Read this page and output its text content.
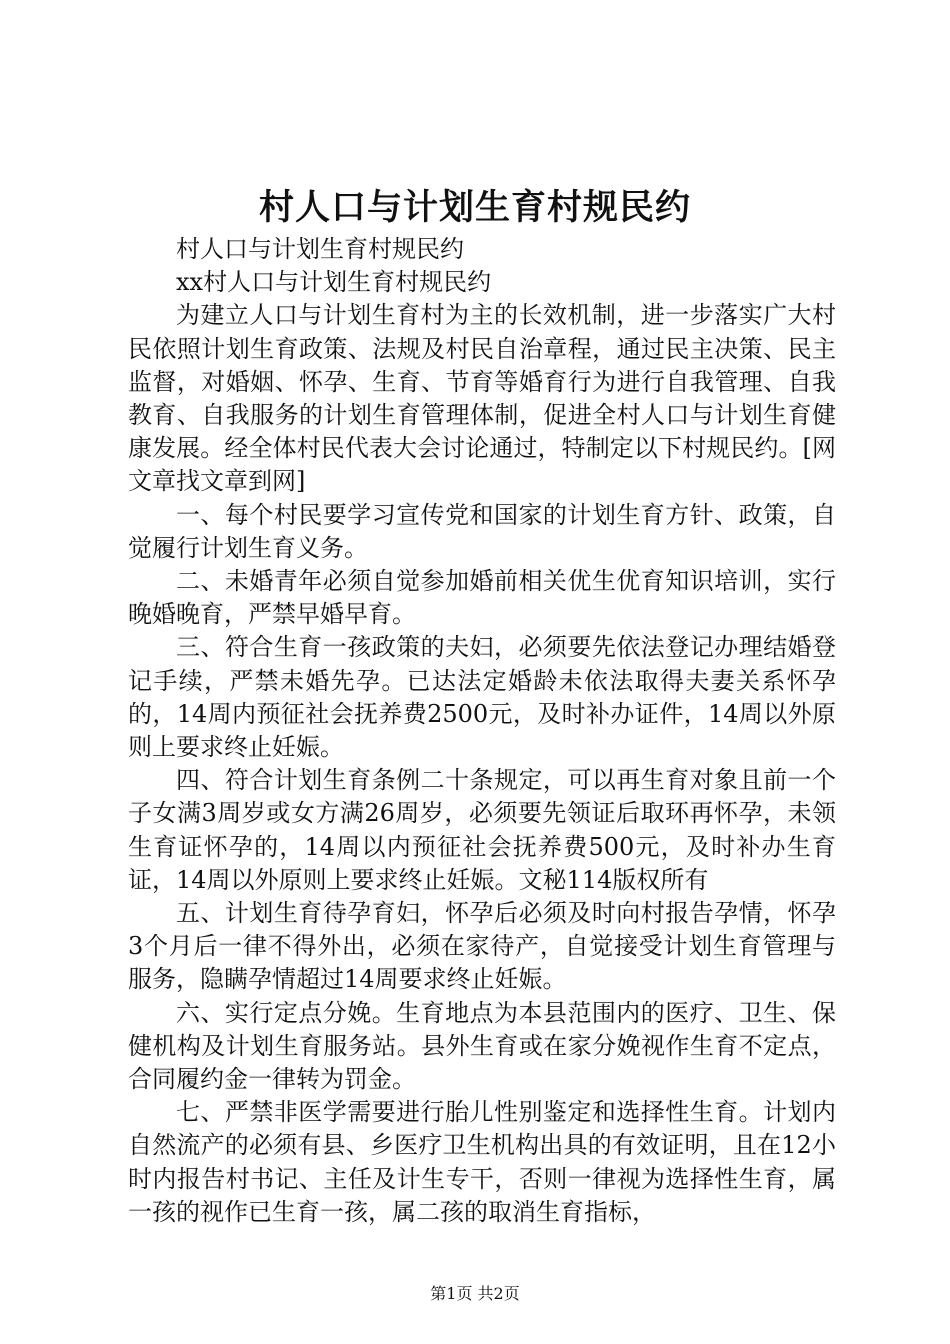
村人口与计划生育村规民约

村人口与计划生育村规民约

xx村人口与计划生育村规民约

为建立人口与计划生育村为主的长效机制，进一步落实广大村民依照计划生育政策、法规及村民自治章程，通过民主决策、民主监督，对婚姻、怀孕、生育、节育等婚育行为进行自我管理、自我教育、自我服务的计划生育管理体制，促进全村人口与计划生育健康发展。经全体村民代表大会讨论通过，特制定以下村规民约。[网文章找文章到网]

一、每个村民要学习宣传党和国家的计划生育方针、政策，自觉履行计划生育义务。

二、未婚青年必须自觉参加婚前相关优生优育知识培训，实行晚婚晚育，严禁早婚早育。

三、符合生育一孩政策的夫妇，必须要先依法登记办理结婚登记手续，严禁未婚先孕。已达法定婚龄未依法取得夫妻关系怀孕的，14周内预征社会抚养费2500元，及时补办证件，14周以外原则上要求终止妊娠。

四、符合计划生育条例二十条规定，可以再生育对象且前一个子女满3周岁或女方满26周岁，必须要先领证后取环再怀孕，未领生育证怀孕的，14周以内预征社会抚养费500元，及时补办生育证，14周以外原则上要求终止妊娠。文秘114版权所有

五、计划生育待孕育妇，怀孕后必须及时向村报告孕情，怀孕3个月后一律不得外出，必须在家待产，自觉接受计划生育管理与服务，隐瞒孕情超过14周要求终止妊娠。

六、实行定点分娩。生育地点为本县范围内的医疗、卫生、保健机构及计划生育服务站。县外生育或在家分娩视作生育不定点，合同履约金一律转为罚金。

七、严禁非医学需要进行胎儿性别鉴定和选择性生育。计划内自然流产的必须有县、乡医疗卫生机构出具的有效证明，且在12小时内报告村书记、主任及计生专干，否则一律视为选择性生育，属一孩的视作已生育一孩，属二孩的取消生育指标，

第1页 共2页
